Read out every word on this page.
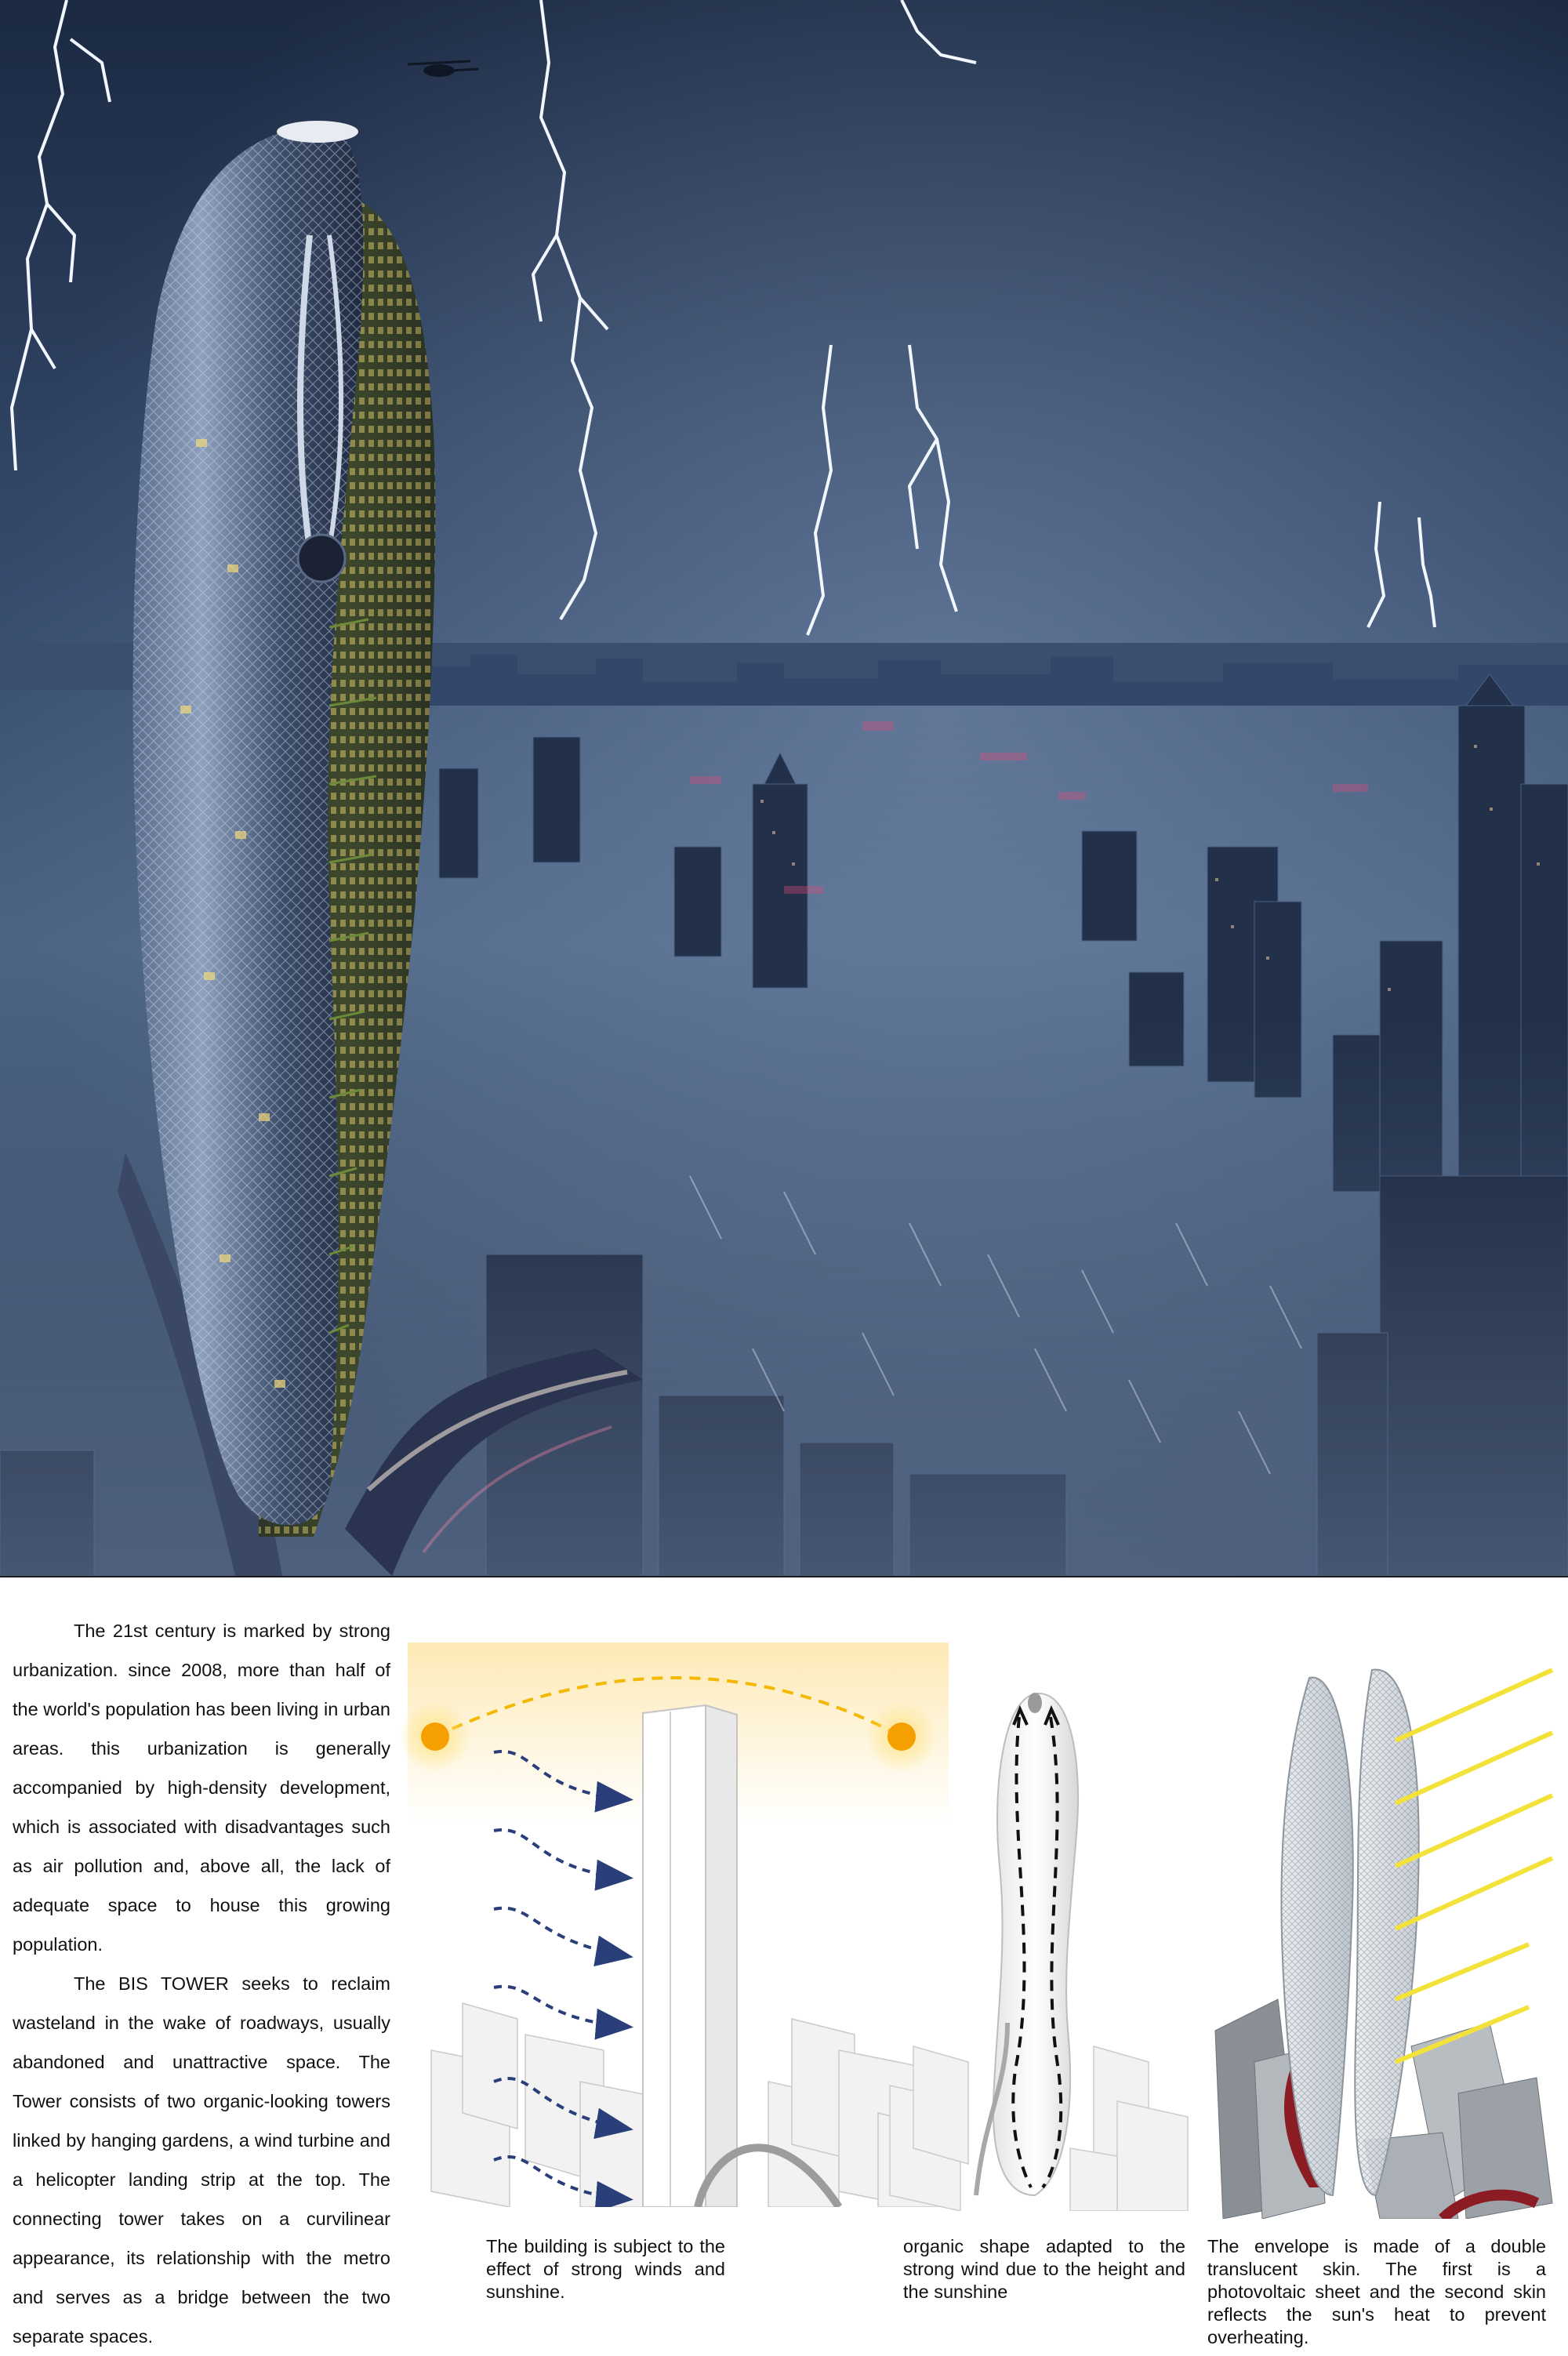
The 21st century is marked by strong urbanization. since 2008, more than half of the world's population has been living in urban areas. this urbanization is generally accompanied by high-density development, which is associated with disadvantages such as air pollution and, above all, the lack of adequate space to house this growing population.

The BIS TOWER seeks to reclaim wasteland in the wake of roadways, usually abandoned and unattractive space. The Tower consists of two organic-looking towers linked by hanging gardens, a wind turbine and a helicopter landing strip at the top. The connecting tower takes on a curvilinear appearance, its relationship with the metro and serves as a bridge between the two separate spaces.

The building is subject to the effect of strong winds and sunshine.
organic shape adapted to the strong wind due to the height and the sunshine
The envelope is made of a double translucent skin. The first is a photovoltaic sheet and the second skin reflects the sun's heat to prevent overheating.
